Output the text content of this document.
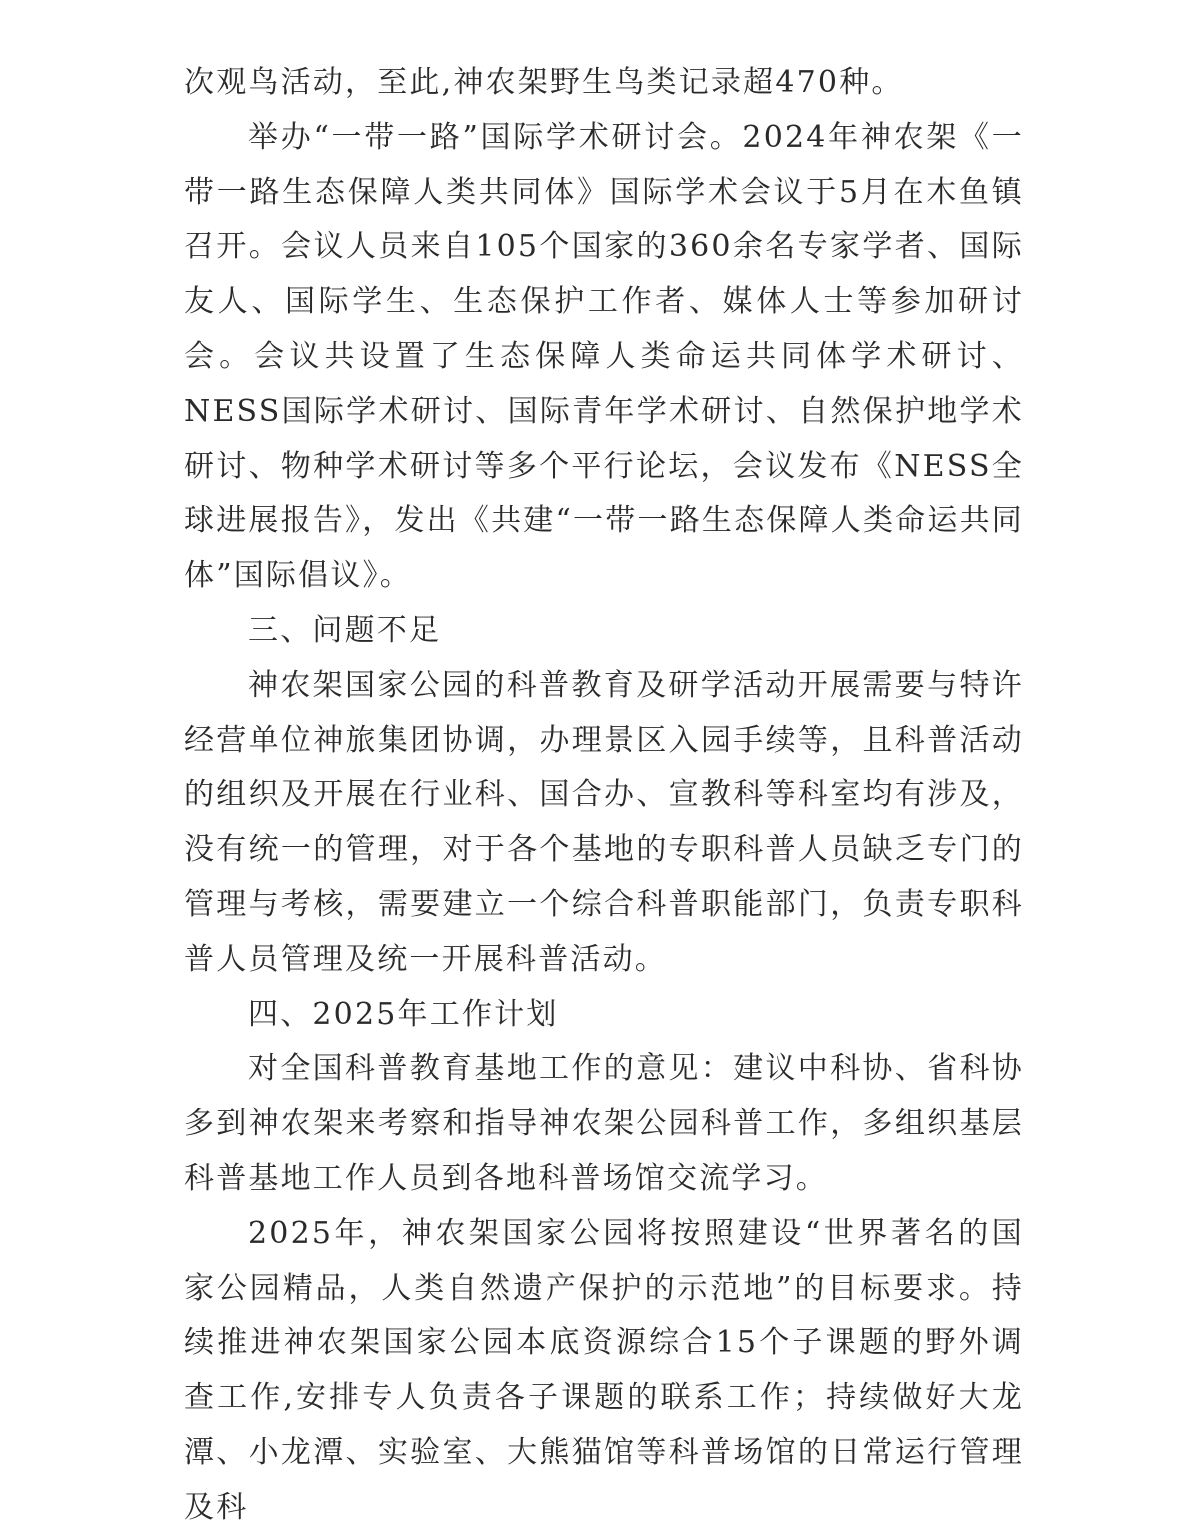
次观鸟活动，至此,神农架野生鸟类记录超470种。

举办“一带一路”国际学术研讨会。2024年神农架《一带一路生态保障人类共同体》国际学术会议于5月在木鱼镇召开。会议人员来自105个国家的360余名专家学者、国际友人、国际学生、生态保护工作者、媒体人士等参加研讨会。会议共设置了生态保障人类命运共同体学术研讨、NESS国际学术研讨、国际青年学术研讨、自然保护地学术研讨、物种学术研讨等多个平行论坛，会议发布《NESS全球进展报告》，发出《共建“一带一路生态保障人类命运共同体”国际倡议》。

三、问题不足

神农架国家公园的科普教育及研学活动开展需要与特许经营单位神旅集团协调，办理景区入园手续等，且科普活动的组织及开展在行业科、国合办、宣教科等科室均有涉及，没有统一的管理，对于各个基地的专职科普人员缺乏专门的管理与考核，需要建立一个综合科普职能部门，负责专职科普人员管理及统一开展科普活动。

四、2025年工作计划

对全国科普教育基地工作的意见：建议中科协、省科协多到神农架来考察和指导神农架公园科普工作，多组织基层科普基地工作人员到各地科普场馆交流学习。

2025年，神农架国家公园将按照建设“世界著名的国家公园精品，人类自然遗产保护的示范地”的目标要求。持续推进神农架国家公园本底资源综合15个子课题的野外调查工作,安排专人负责各子课题的联系工作；持续做好大龙潭、小龙潭、实验室、大熊猫馆等科普场馆的日常运行管理及科
